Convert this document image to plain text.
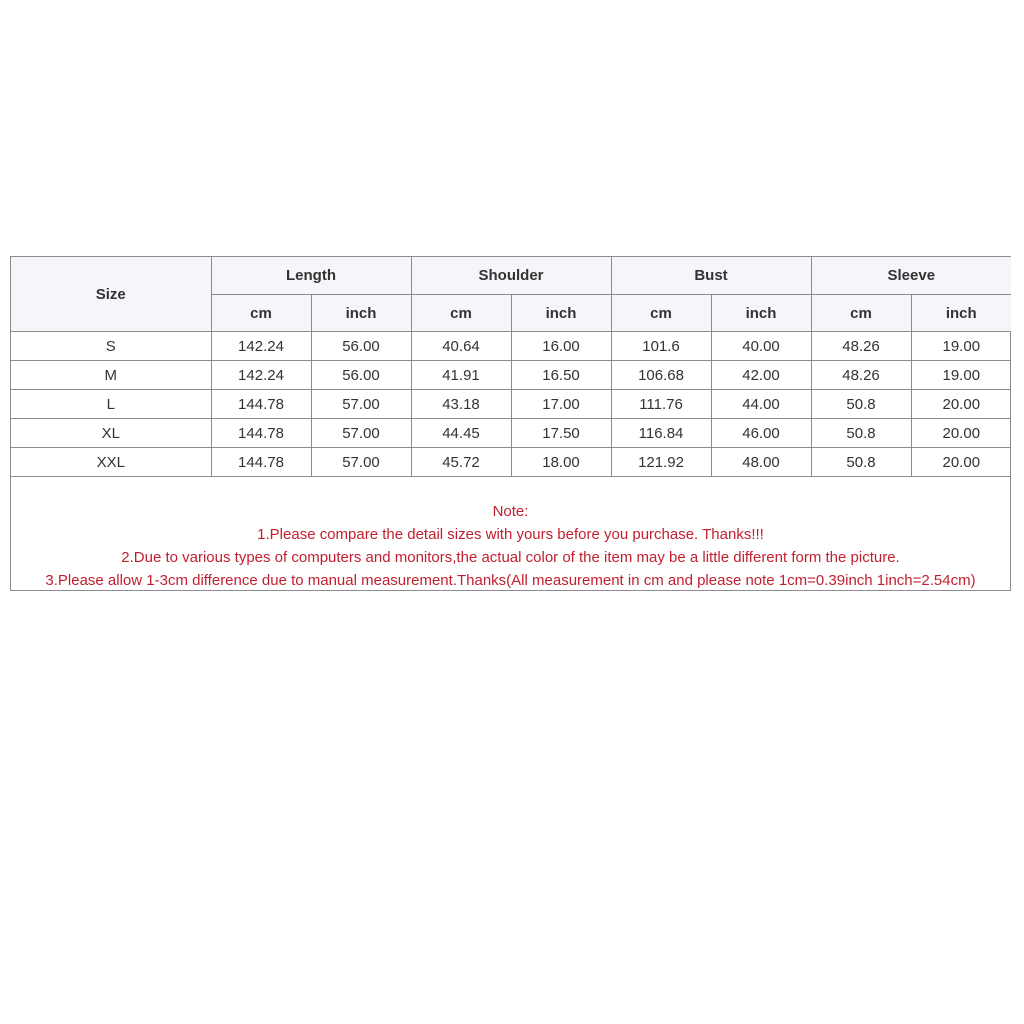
Size	Length		Shoulder		Bust		Sleeve	
	cm	inch	cm	inch	cm	inch	cm	inch
S	142.24	56.00	40.64	16.00	101.6	40.00	48.26	19.00
M	142.24	56.00	41.91	16.50	106.68	42.00	48.26	19.00
L	144.78	57.00	43.18	17.00	111.76	44.00	50.8	20.00
XL	144.78	57.00	44.45	17.50	116.84	46.00	50.8	20.00
XXL	144.78	57.00	45.72	18.00	121.92	48.00	50.8	20.00
Note:
1.Please compare the detail sizes with yours before you purchase. Thanks!!!
2.Due to various types of computers and monitors,the actual color of the item may be a little different form the picture.
3.Please allow 1-3cm difference due to manual measurement.Thanks(All measurement in cm and please note 1cm=0.39inch 1inch=2.54cm)
